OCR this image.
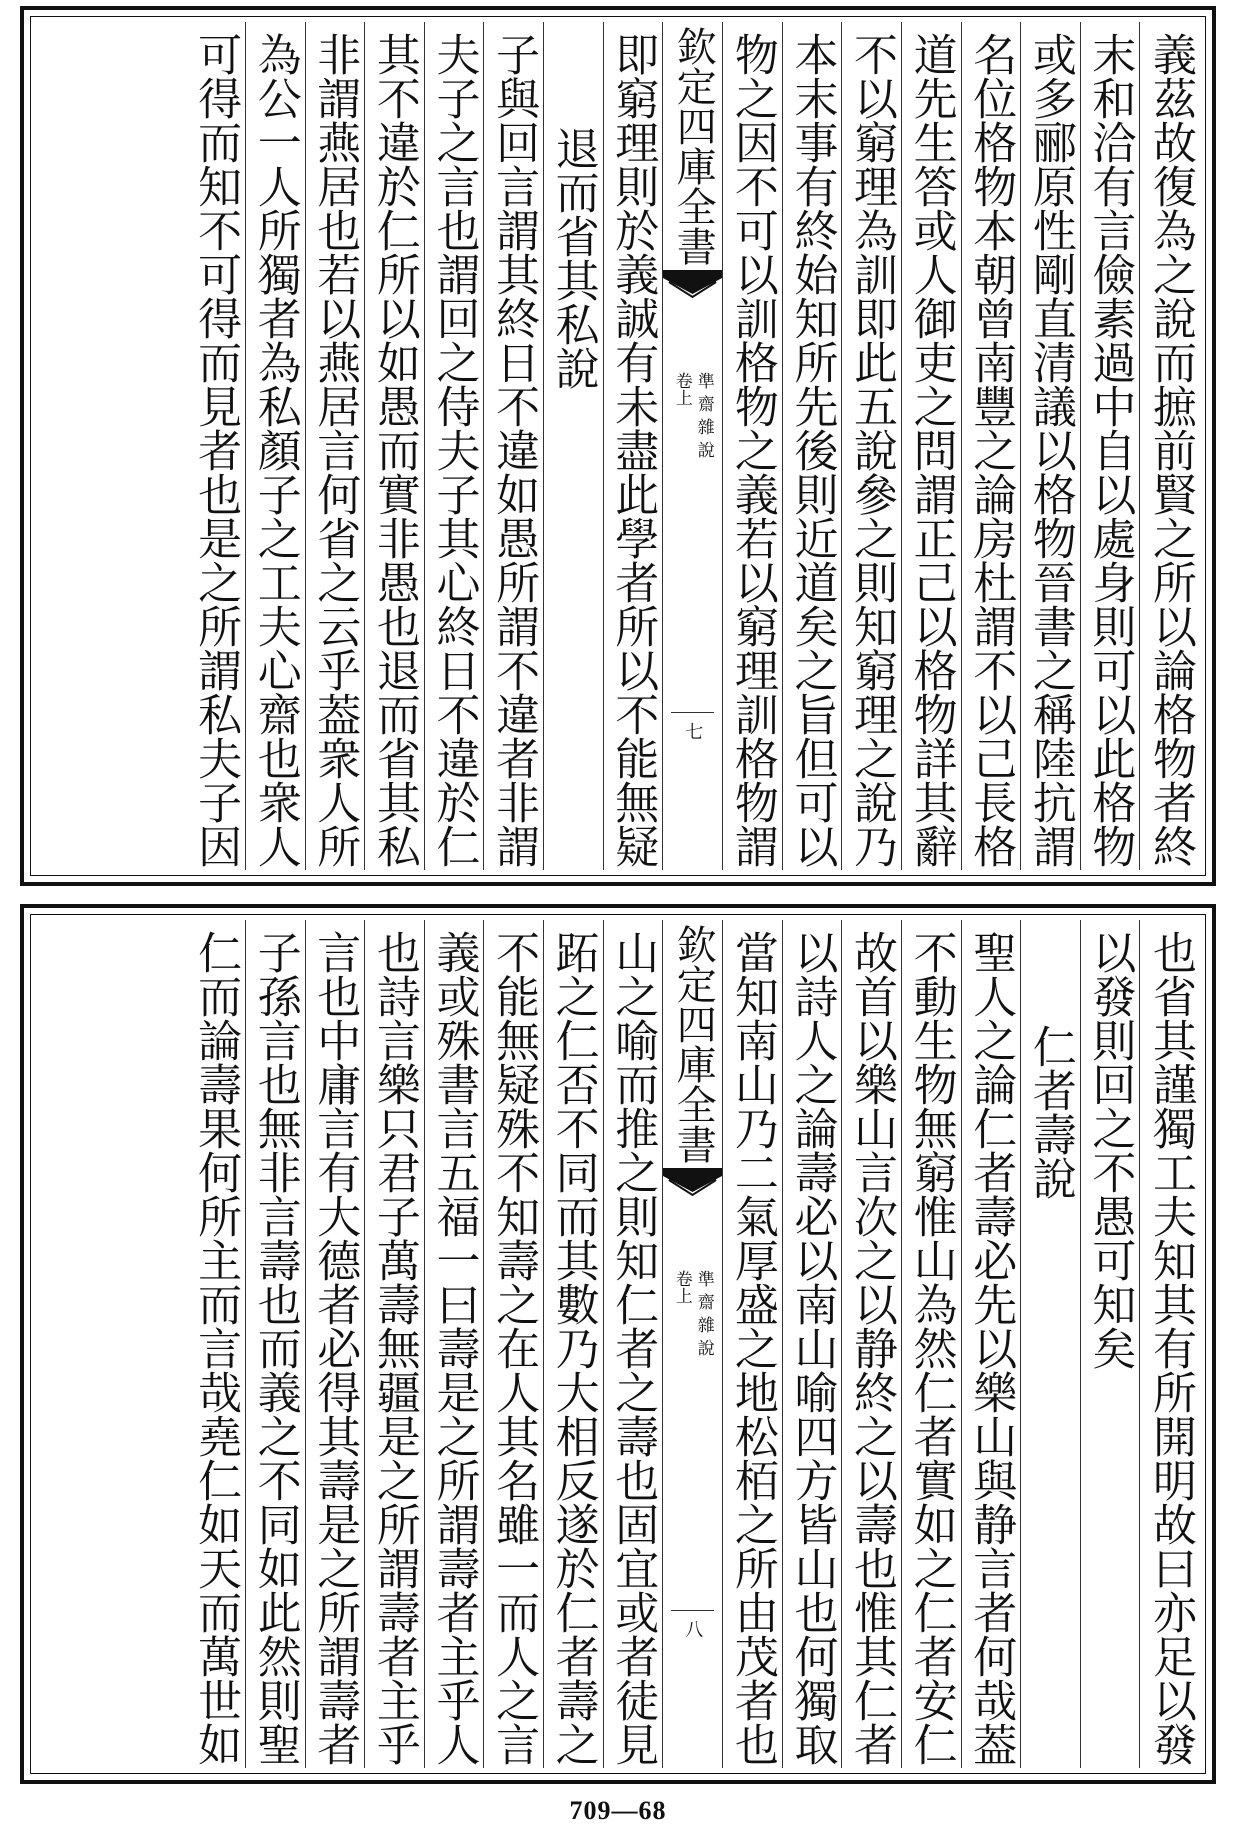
義茲故復為之說而摭前賢之所以論格物者終
末和洽有言儉素過中自以處身則可以此格物
或多郦原性剛直清議以格物晉書之稱陸抗謂
名位格物本朝曾南豐之論房杜謂不以己長格
道先生答或人御吏之問謂正己以格物詳其辭
不以窮理為訓即此五說參之則知窮理之說乃
本末事有終始知所先後則近道矣之旨但可以
物之因不可以訓格物之義若以窮理訓格物謂
欽定四庫全書
準齋雜說
卷上
七
即窮理則於義誠有未盡此學者所以不能無疑
退而省其私說
子與回言謂其終日不違如愚所謂不違者非謂
夫子之言也謂回之侍夫子其心終日不違於仁
其不違於仁所以如愚而實非愚也退而省其私
非謂燕居也若以燕居言何省之云乎葢衆人所
為公一人所獨者為私顏子之工夫心齋也衆人
可得而知不可得而見者也是之所謂私夫子因
也省其謹獨工夫知其有所開明故曰亦足以發
以發則回之不愚可知矣
仁者壽說
聖人之論仁者壽必先以樂山與静言者何哉葢
不動生物無窮惟山為然仁者實如之仁者安仁
故首以樂山言次之以静終之以壽也惟其仁者
以詩人之論壽必以南山喻四方皆山也何獨取
當知南山乃二氣厚盛之地松栢之所由茂者也
欽定四庫全書
準齋雜說
卷上
八
山之喻而推之則知仁者之壽也固宜或者徒見
跖之仁否不同而其數乃大相反遂於仁者壽之
不能無疑殊不知壽之在人其名雖一而人之言
義或殊書言五福一曰壽是之所謂壽者主乎人
也詩言樂只君子萬壽無疆是之所謂壽者主乎
言也中庸言有大德者必得其壽是之所謂壽者
子孫言也無非言壽也而義之不同如此然則聖
仁而論壽果何所主而言哉堯仁如天而萬世如
709—68
